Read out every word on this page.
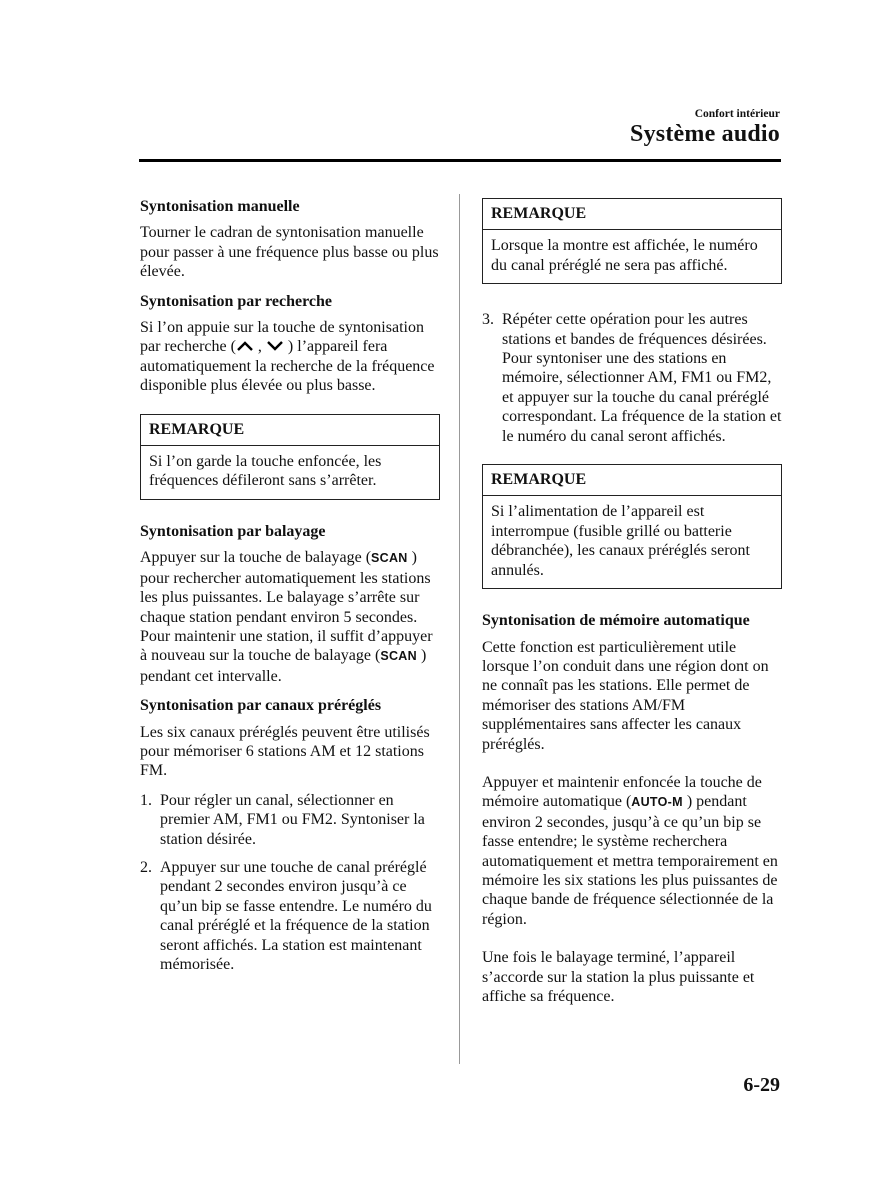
Confort intérieur
Système audio
Syntonisation manuelle

Tourner le cadran de syntonisation manuelle pour passer à une fréquence plus basse ou plus élevée.

Syntonisation par recherche

Si l’on appuie sur la touche de syntonisation par recherche ( , ) l’appareil fera automatiquement la recherche de la fréquence disponible plus élevée ou plus basse.

REMARQUE
Si l’on garde la touche enfoncée, les fréquences défileront sans s’arrêter.
Syntonisation par balayage

Appuyer sur la touche de balayage (SCAN ) pour rechercher automatiquement les stations les plus puissantes. Le balayage s’arrête sur chaque station pendant environ 5 secondes. Pour maintenir une station, il suffit d’appuyer à nouveau sur la touche de balayage (SCAN ) pendant cet intervalle.

Syntonisation par canaux préréglés

Les six canaux préréglés peuvent être utilisés pour mémoriser 6 stations AM et 12 stations FM.

1. Pour régler un canal, sélectionner en premier AM, FM1 ou FM2. Syntoniser la station désirée.
2. Appuyer sur une touche de canal préréglé pendant 2 secondes environ jusqu’à ce qu’un bip se fasse entendre. Le numéro du canal préréglé et la fréquence de la station seront affichés. La station est maintenant mémorisée.
REMARQUE
Lorsque la montre est affichée, le numéro du canal préréglé ne sera pas affiché.
3. Répéter cette opération pour les autres stations et bandes de fréquences désirées. Pour syntoniser une des stations en mémoire, sélectionner AM, FM1 ou FM2, et appuyer sur la touche du canal préréglé correspondant. La fréquence de la station et le numéro du canal seront affichés.
REMARQUE
Si l’alimentation de l’appareil est interrompue (fusible grillé ou batterie débranchée), les canaux préréglés seront annulés.
Syntonisation de mémoire automatique

Cette fonction est particulièrement utile lorsque l’on conduit dans une région dont on ne connaît pas les stations. Elle permet de mémoriser des stations AM/FM supplémentaires sans affecter les canaux préréglés.

Appuyer et maintenir enfoncée la touche de mémoire automatique (AUTO-M ) pendant environ 2 secondes, jusqu’à ce qu’un bip se fasse entendre; le système recherchera automatiquement et mettra temporairement en mémoire les six stations les plus puissantes de chaque bande de fréquence sélectionnée de la région.

Une fois le balayage terminé, l’appareil s’accorde sur la station la plus puissante et affiche sa fréquence.

6-29
